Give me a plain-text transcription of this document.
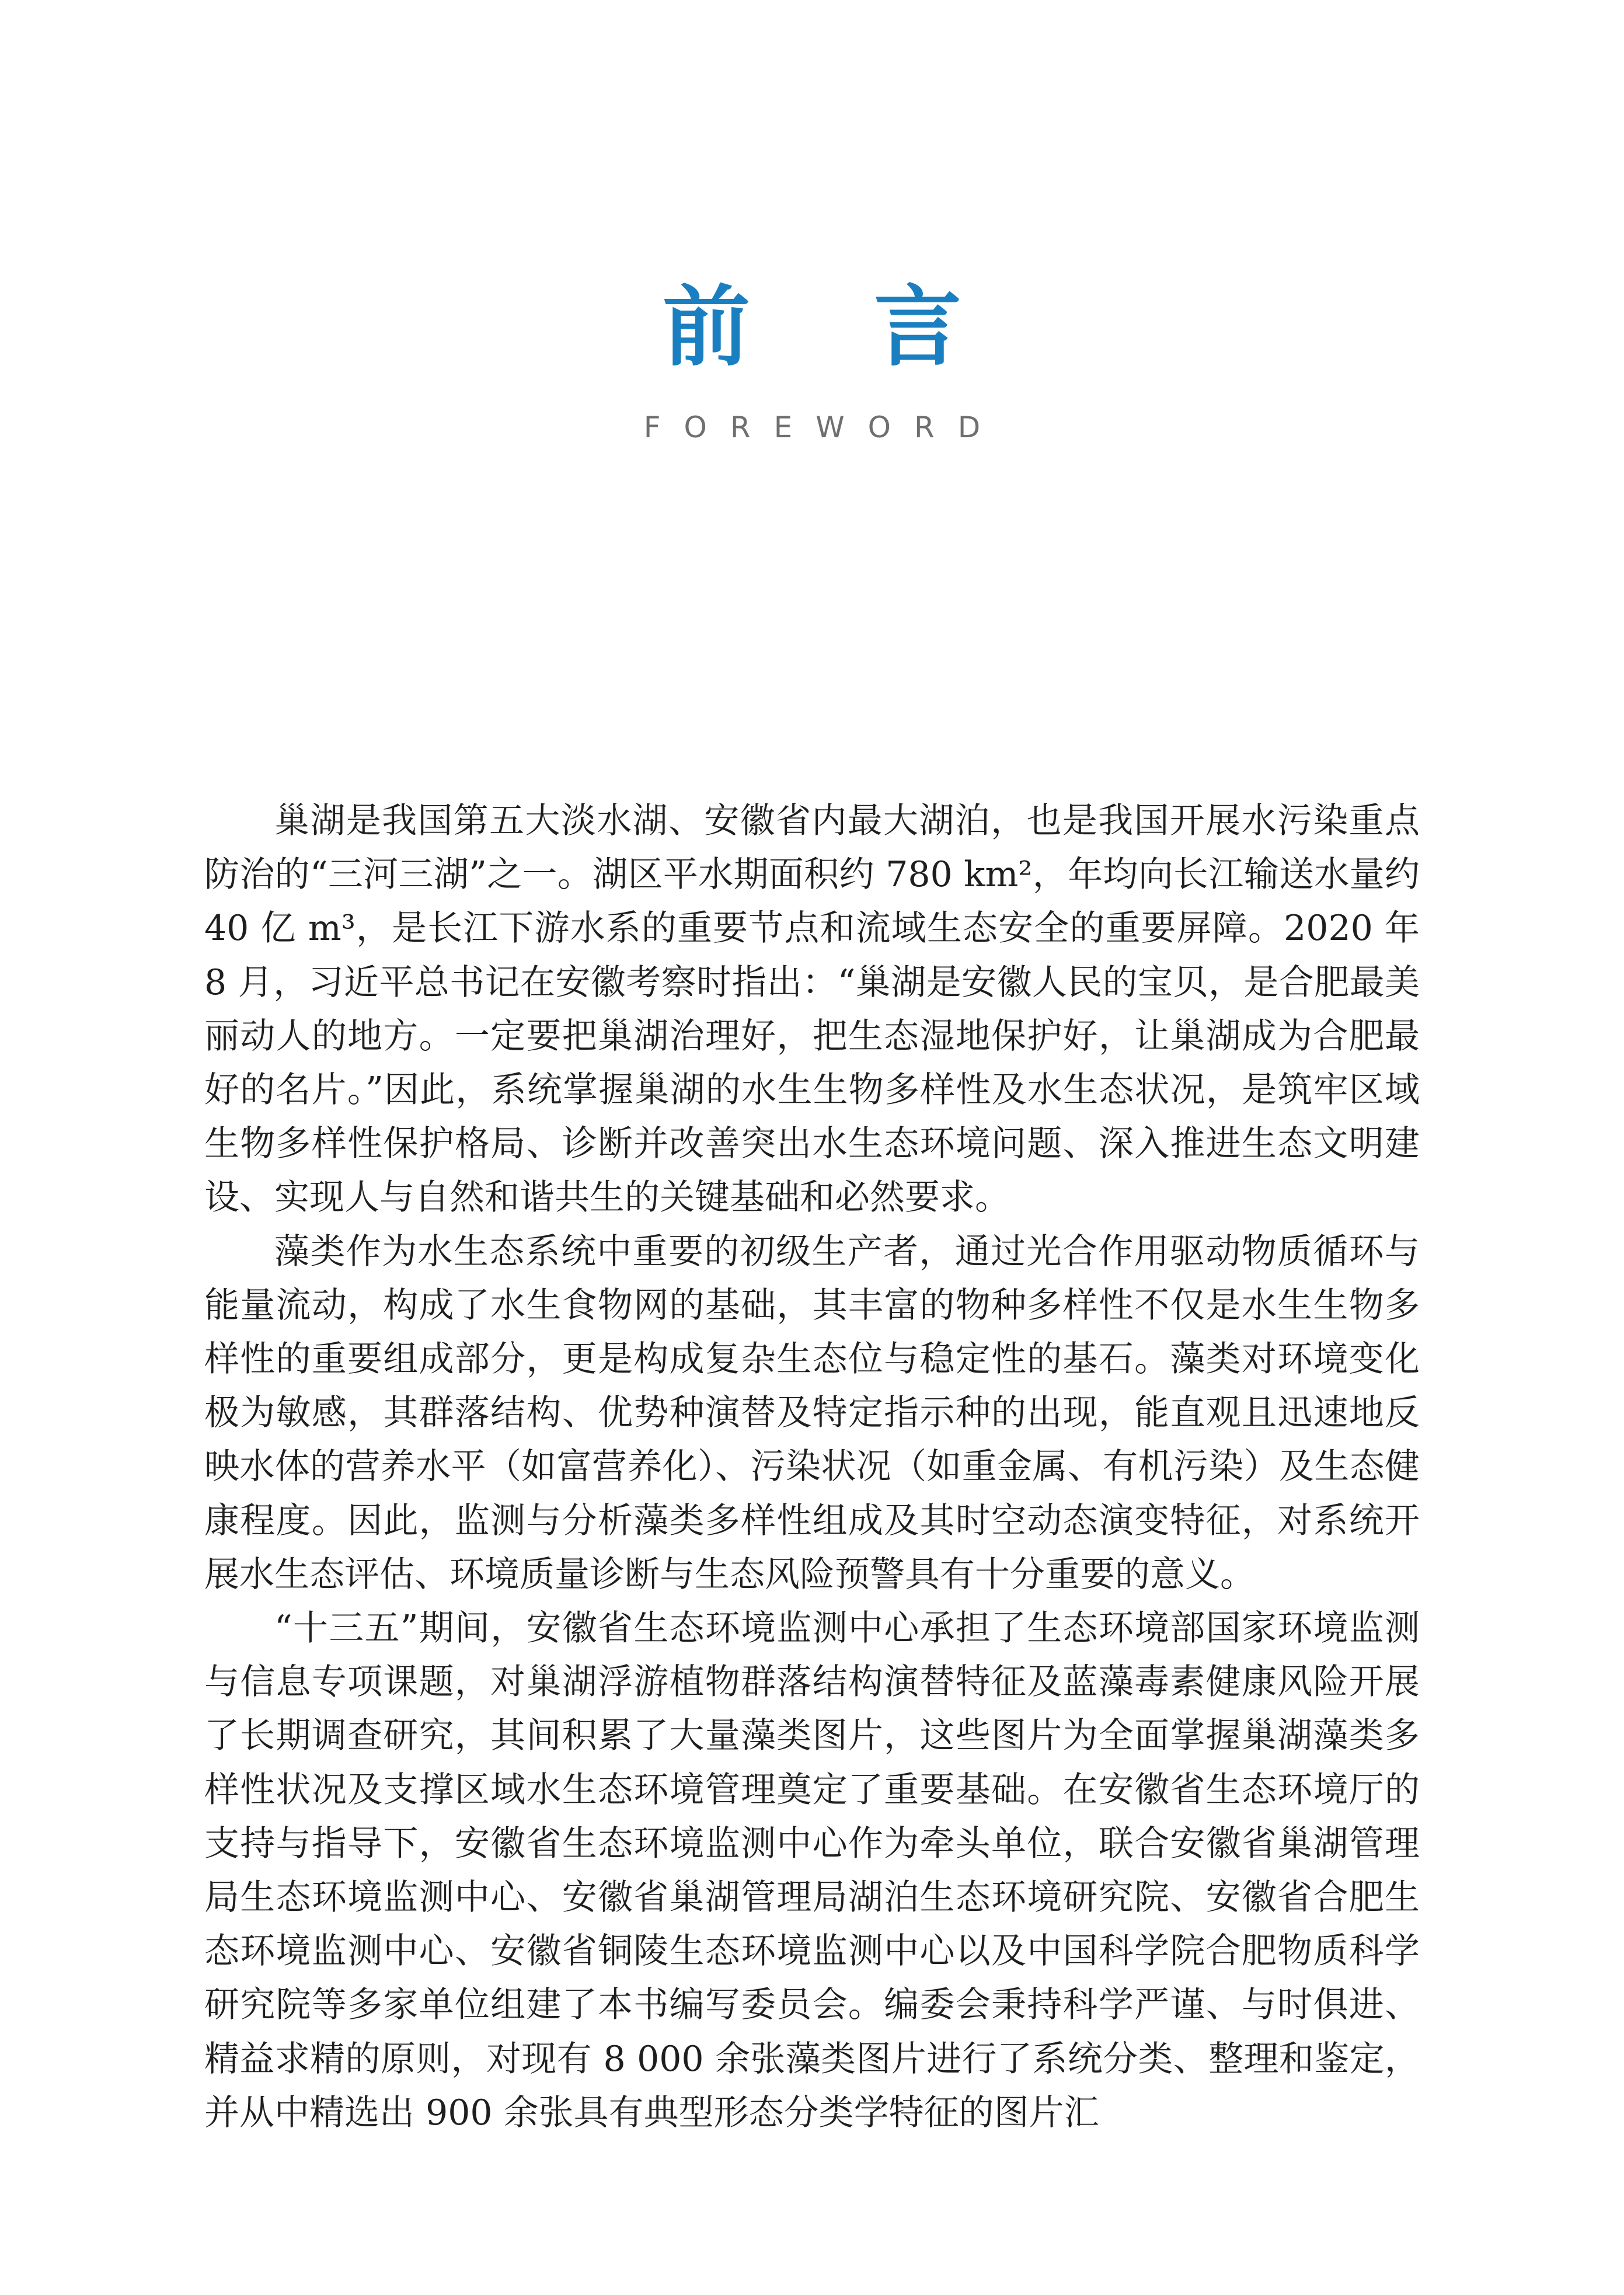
前 言
FOREWORD

巢湖是我国第五大淡水湖、安徽省内最大湖泊，也是我国开展水污染重点防治的“三河三湖”之一。湖区平水期面积约 780 km²，年均向长江输送水量约 40 亿 m³，是长江下游水系的重要节点和流域生态安全的重要屏障。2020 年 8 月，习近平总书记在安徽考察时指出：“巢湖是安徽人民的宝贝，是合肥最美丽动人的地方。一定要把巢湖治理好，把生态湿地保护好，让巢湖成为合肥最好的名片。”因此，系统掌握巢湖的水生生物多样性及水生态状况，是筑牢区域生物多样性保护格局、诊断并改善突出水生态环境问题、深入推进生态文明建设、实现人与自然和谐共生的关键基础和必然要求。

藻类作为水生态系统中重要的初级生产者，通过光合作用驱动物质循环与能量流动，构成了水生食物网的基础，其丰富的物种多样性不仅是水生生物多样性的重要组成部分，更是构成复杂生态位与稳定性的基石。藻类对环境变化极为敏感，其群落结构、优势种演替及特定指示种的出现，能直观且迅速地反映水体的营养水平（如富营养化）、污染状况（如重金属、有机污染）及生态健康程度。因此，监测与分析藻类多样性组成及其时空动态演变特征，对系统开展水生态评估、环境质量诊断与生态风险预警具有十分重要的意义。

“十三五”期间，安徽省生态环境监测中心承担了生态环境部国家环境监测与信息专项课题，对巢湖浮游植物群落结构演替特征及蓝藻毒素健康风险开展了长期调查研究，其间积累了大量藻类图片，这些图片为全面掌握巢湖藻类多样性状况及支撑区域水生态环境管理奠定了重要基础。在安徽省生态环境厅的支持与指导下，安徽省生态环境监测中心作为牵头单位，联合安徽省巢湖管理局生态环境监测中心、安徽省巢湖管理局湖泊生态环境研究院、安徽省合肥生态环境监测中心、安徽省铜陵生态环境监测中心以及中国科学院合肥物质科学研究院等多家单位组建了本书编写委员会。编委会秉持科学严谨、与时俱进、精益求精的原则，对现有 8 000 余张藻类图片进行了系统分类、整理和鉴定，并从中精选出 900 余张具有典型形态分类学特征的图片汇
